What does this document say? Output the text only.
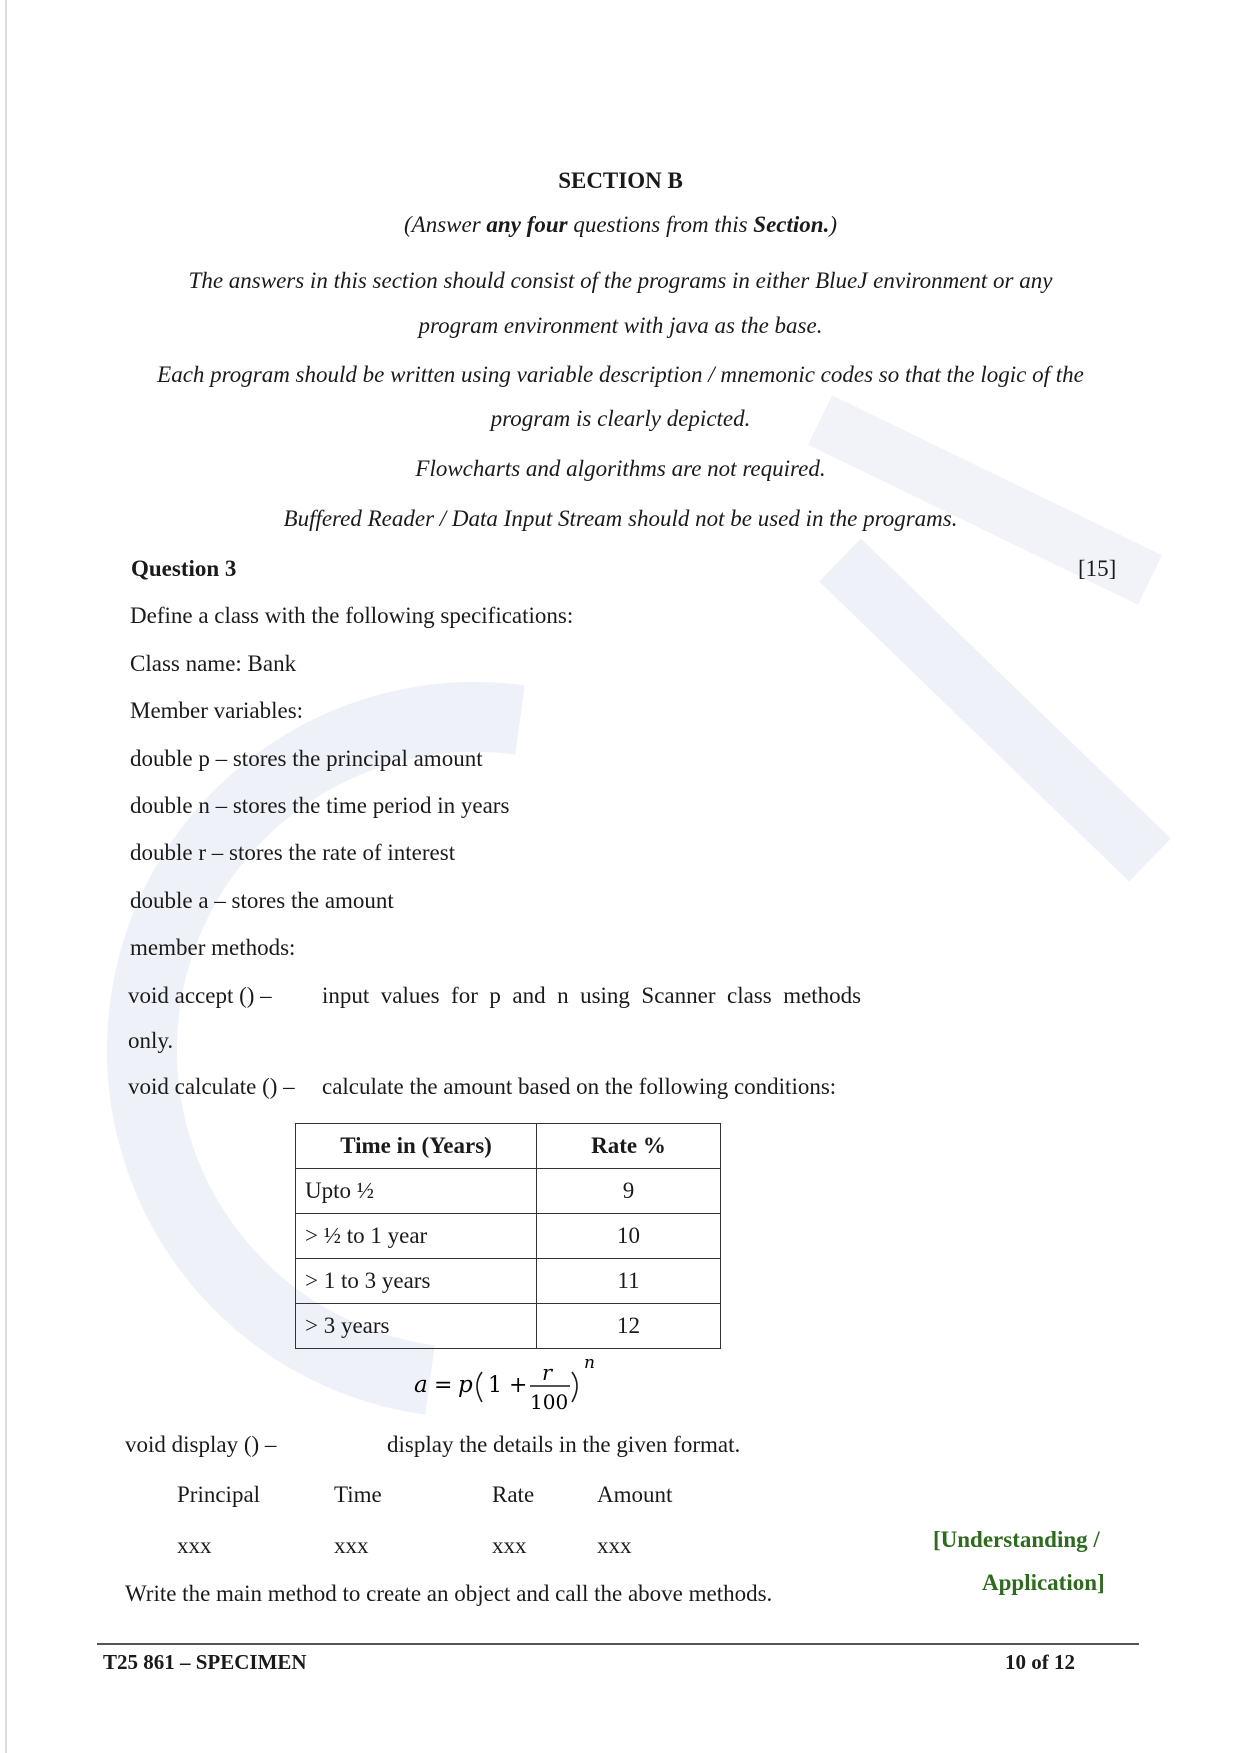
SECTION B
(Answer any four questions from this Section.)
The answers in this section should consist of the programs in either BlueJ environment or any
program environment with java as the base.
Each program should be written using variable description / mnemonic codes so that the logic of the
program is clearly depicted.
Flowcharts and algorithms are not required.
Buffered Reader / Data Input Stream should not be used in the programs.
Question 3	[15]
Define a class with the following specifications:
Class name: Bank
Member variables:
double p – stores the principal amount
double n – stores the time period in years
double r – stores the rate of interest
double a – stores the amount
member methods:
void accept () – input  values  for  p  and  n  using  Scanner  class  methods
only.
void calculate () – calculate the amount based on the following conditions:
Time in (Years)	Rate %
Upto ½	9
> ½ to 1 year	10
> 1 to 3 years	11
> 3 years	12
a = p 1 + r
100
n
void display () –	display the details in the given format.
Principal	Time	Rate	Amount
xxx	xxx	xxx	xxx	[Understanding /
Application]
Write the main method to create an object and call the above methods.
T25 861 – SPECIMEN	10 of 12
